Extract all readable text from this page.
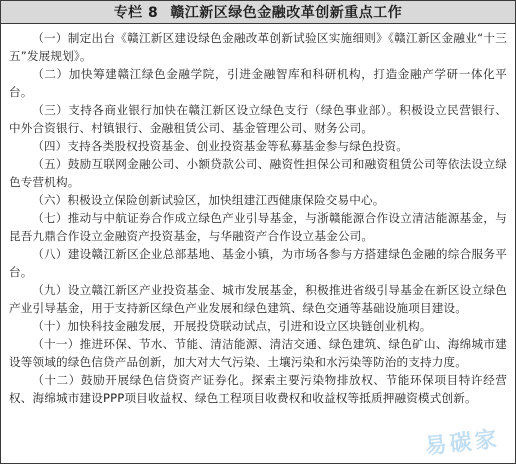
专栏 8 赣江新区绿色金融改革创新重点工作

（一）制定出台《赣江新区建设绿色金融改革创新试验区实施细则》《赣江新区金融业“十三五”发展规划》。

（二）加快筹建赣江绿色金融学院，引进金融智库和科研机构，打造金融产学研一体化平台。

（三）支持各商业银行加快在赣江新区设立绿色支行（绿色事业部）。积极设立民营银行、中外合资银行、村镇银行、金融租赁公司、基金管理公司、财务公司。

（四）支持各类股权投资基金、创业投资基金等私募基金参与绿色投资。

（五）鼓励互联网金融公司、小额贷款公司、融资性担保公司和融资租赁公司等依法设立绿色专营机构。

（六）积极设立保险创新试验区，加快组建江西健康保险交易中心。

（七）推动与中航证券合作成立绿色产业引导基金，与浙赣能源合作设立清洁能源基金，与昆吾九鼎合作设立金融资产投资基金，与华融资产合作设立基金公司。

（八）建设赣江新区企业总部基地、基金小镇，为市场各参与方搭建绿色金融的综合服务平台。

（九）设立赣江新区产业投资基金、城市发展基金，积极推进省级引导基金在新区设立绿色产业引导基金，用于支持新区绿色产业发展和绿色建筑、绿色交通等基础设施项目建设。

（十）加快科技金融发展，开展投贷联动试点，引进和设立区块链创业机构。

（十一）推进环保、节水、节能、清洁能源、清洁交通、绿色建筑、绿色矿山、海绵城市建设等领域的绿色信贷产品创新，加大对大气污染、土壤污染和水污染等防治的支持力度。

（十二）鼓励开展绿色信贷资产证券化。探索主要污染物排放权、节能环保项目特许经营权、海绵城市建设PPP项目收益权、绿色工程项目收费权和收益权等抵质押融资模式创新。

易碳家
